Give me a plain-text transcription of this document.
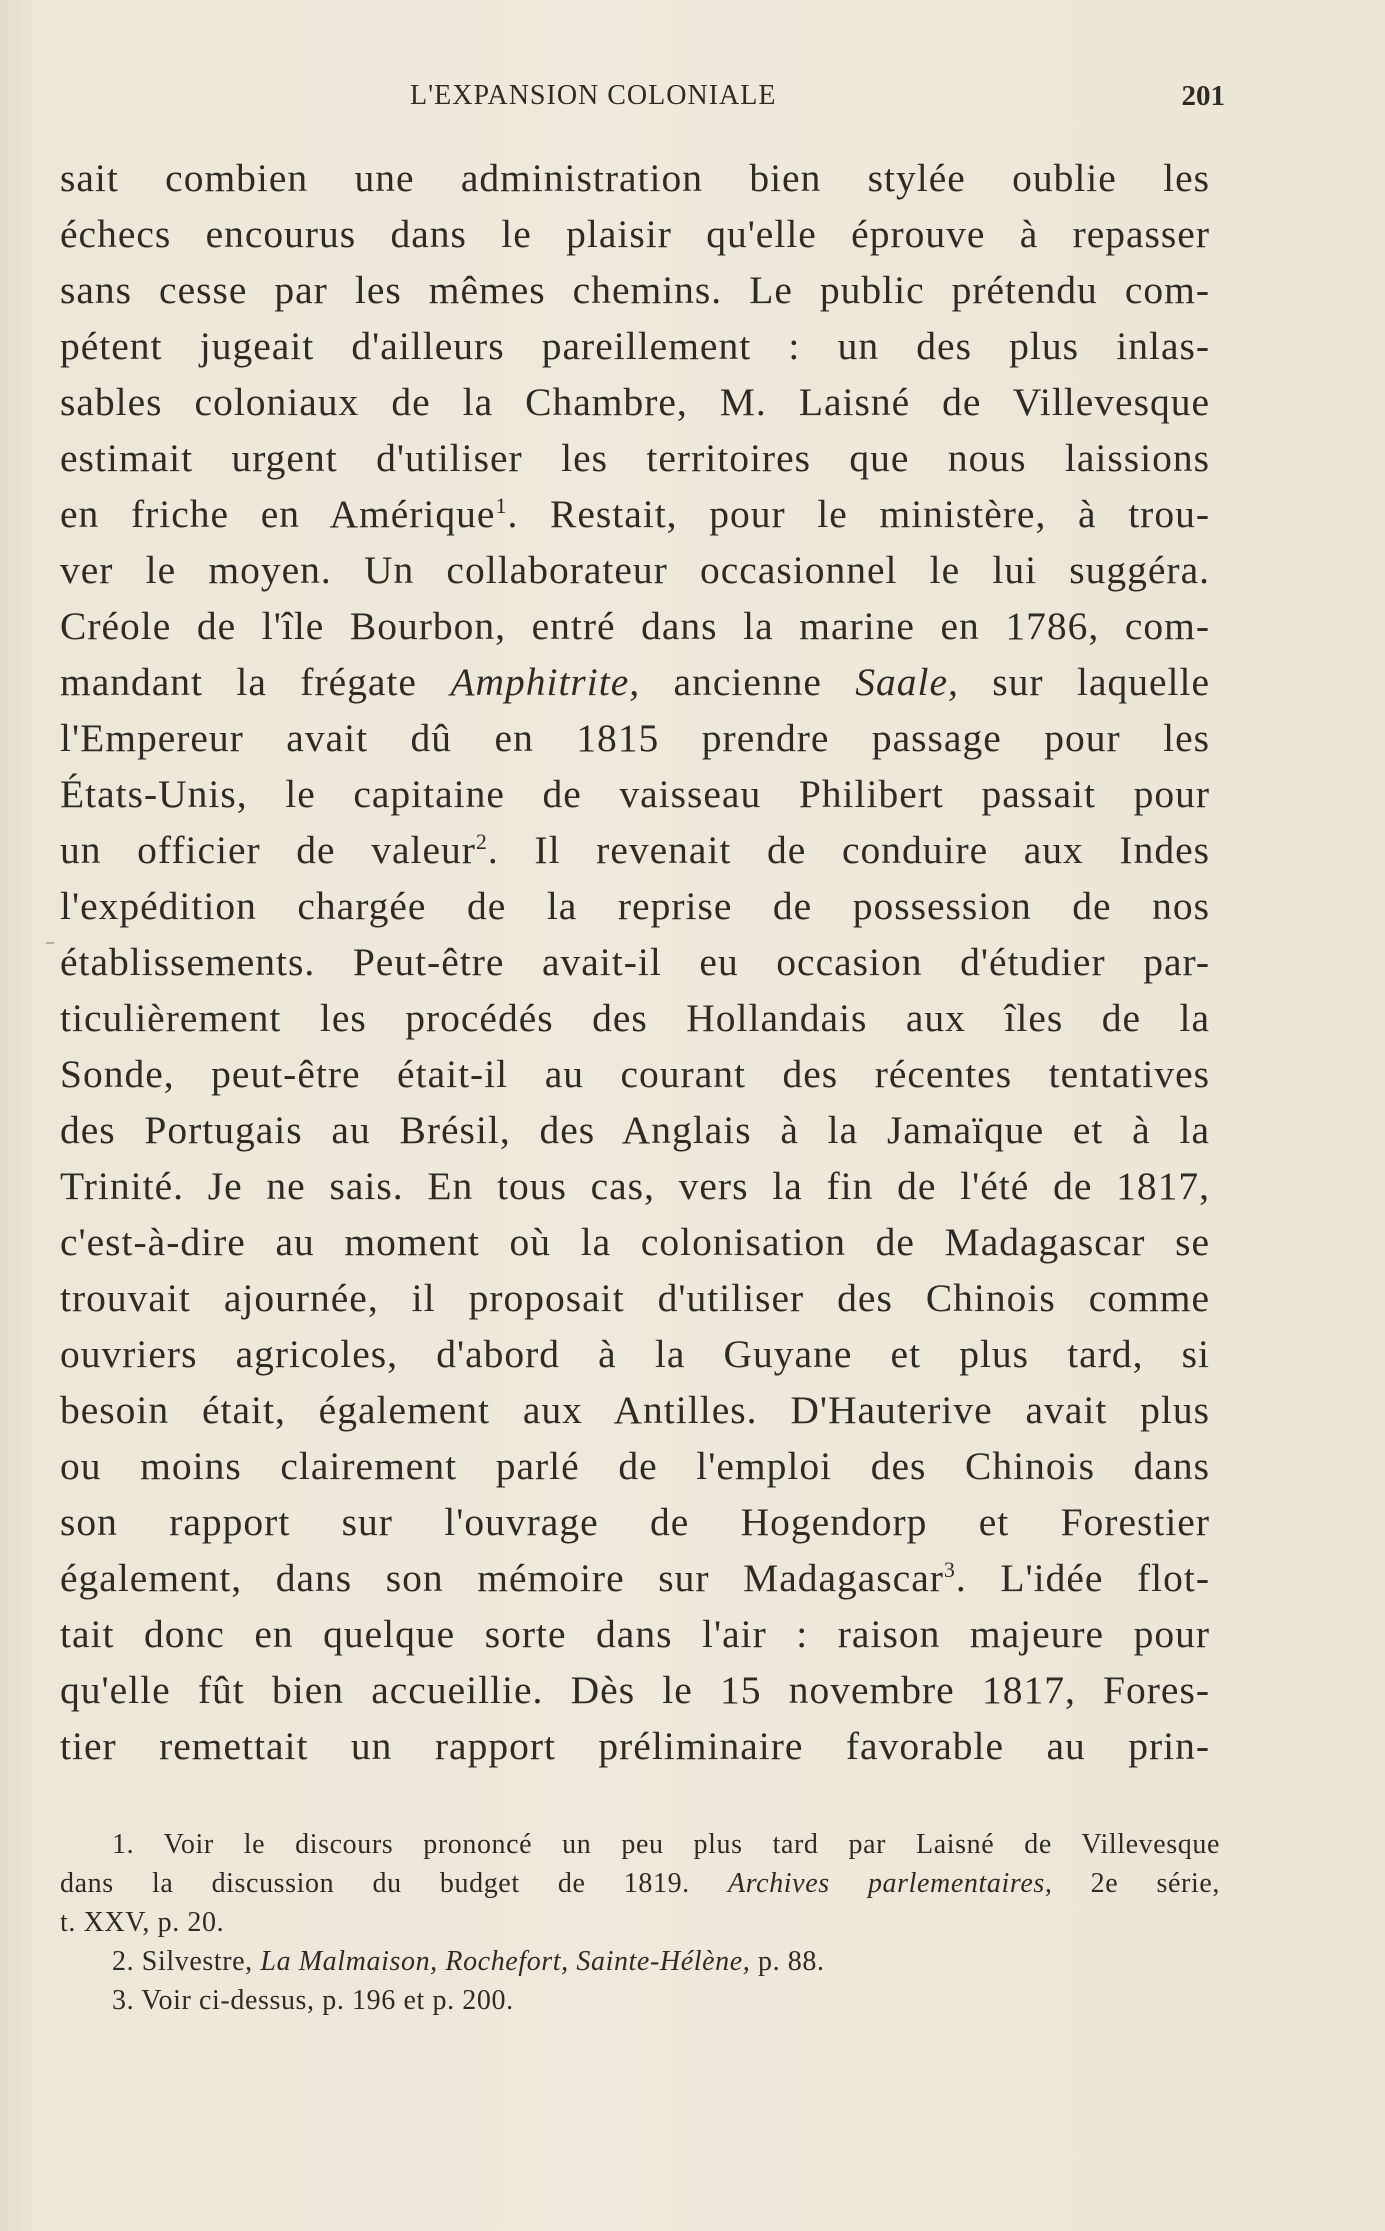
L'EXPANSION COLONIALE	201
sait combien une administration bien stylée oublie les
échecs encourus dans le plaisir qu'elle éprouve à repasser
sans cesse par les mêmes chemins. Le public prétendu com-
pétent jugeait d'ailleurs pareillement : un des plus inlas-
sables coloniaux de la Chambre, M. Laisné de Villevesque
estimait urgent d'utiliser les territoires que nous laissions
en friche en Amérique$^1$. Restait, pour le ministère, à trou-
ver le moyen. Un collaborateur occasionnel le lui suggéra.
Créole de l'île Bourbon, entré dans la marine en 1786, com-
mandant la frégate Amphitrite, ancienne Saale, sur laquelle
l'Empereur avait dû en 1815 prendre passage pour les
États-Unis, le capitaine de vaisseau Philibert passait pour
un officier de valeur$^2$. Il revenait de conduire aux Indes
l'expédition chargée de la reprise de possession de nos
établissements. Peut-être avait-il eu occasion d'étudier par-
ticulièrement les procédés des Hollandais aux îles de la
Sonde, peut-être était-il au courant des récentes tentatives
des Portugais au Brésil, des Anglais à la Jamaïque et à la
Trinité. Je ne sais. En tous cas, vers la fin de l'été de 1817,
c'est-à-dire au moment où la colonisation de Madagascar se
trouvait ajournée, il proposait d'utiliser des Chinois comme
ouvriers agricoles, d'abord à la Guyane et plus tard, si
besoin était, également aux Antilles. D'Hauterive avait plus
ou moins clairement parlé de l'emploi des Chinois dans
son rapport sur l'ouvrage de Hogendorp et Forestier
également, dans son mémoire sur Madagascar$^3$. L'idée flot-
tait donc en quelque sorte dans l'air : raison majeure pour
qu'elle fût bien accueillie. Dès le 15 novembre 1817, Fores-
tier remettait un rapport préliminaire favorable au prin-
1. Voir le discours prononcé un peu plus tard par Laisné de Villevesque
dans la discussion du budget de 1819. Archives parlementaires, 2e série,
t. XXV, p. 20.
2. Silvestre, La Malmaison, Rochefort, Sainte-Hélène, p. 88.
3. Voir ci-dessus, p. 196 et p. 200.
